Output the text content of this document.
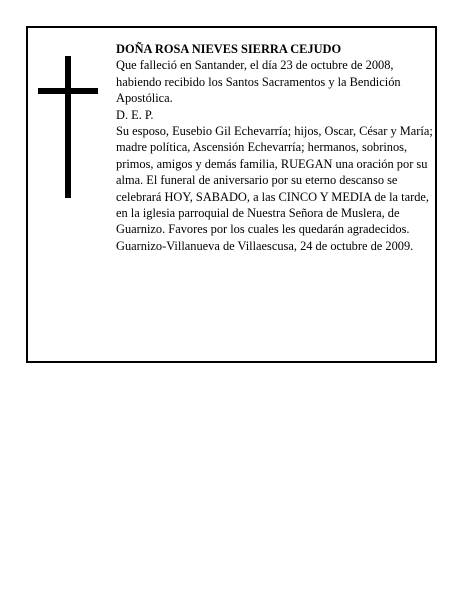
DOÑA ROSA NIEVES SIERRA CEJUDO

Que falleció en Santander, el día 23 de octubre de 2008, habiendo recibido los Santos Sacramentos y la Bendición Apostólica.

D. E. P.

Su esposo, Eusebio Gil Echevarría; hijos, Oscar, César y María; madre política, Ascensión Echevarría; hermanos, sobrinos, primos, amigos y demás familia, RUEGAN una oración por su alma. El funeral de aniversario por su eterno descanso se celebrará HOY, SABADO, a las CINCO Y MEDIA de la tarde, en la iglesia parroquial de Nuestra Señora de Muslera, de Guarnizo. Favores por los cuales les quedarán agradecidos.

Guarnizo-Villanueva de Villaescusa, 24 de octubre de 2009.
